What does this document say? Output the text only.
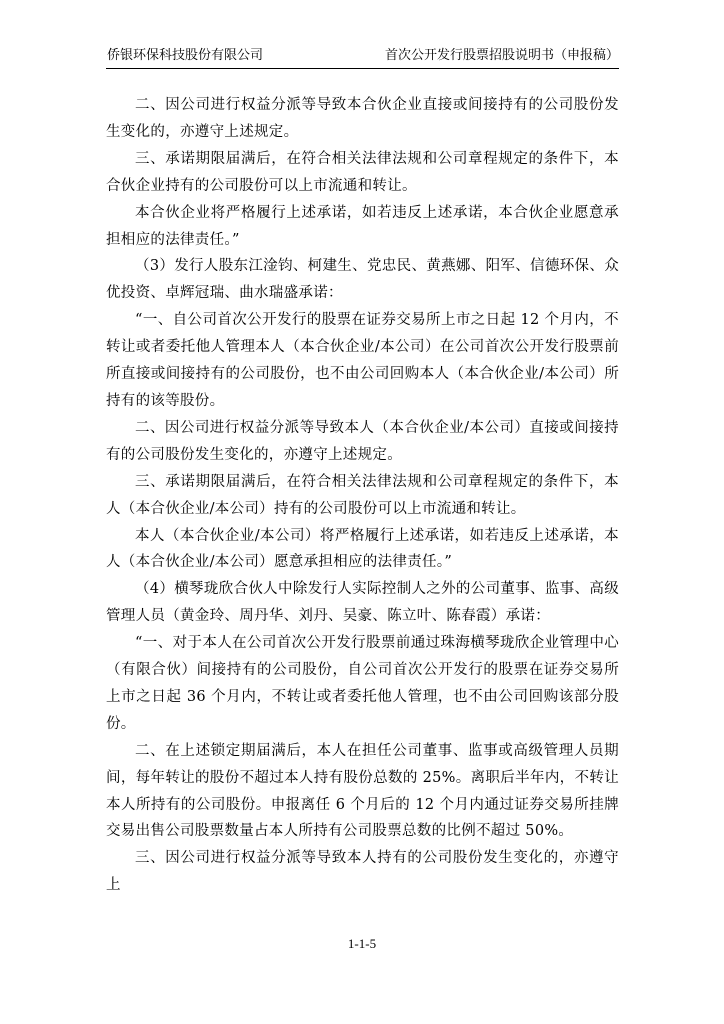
侨银环保科技股份有限公司	首次公开发行股票招股说明书（申报稿）

二、因公司进行权益分派等导致本合伙企业直接或间接持有的公司股份发生变化的，亦遵守上述规定。

三、承诺期限届满后，在符合相关法律法规和公司章程规定的条件下，本合伙企业持有的公司股份可以上市流通和转让。

本合伙企业将严格履行上述承诺，如若违反上述承诺，本合伙企业愿意承担相应的法律责任。”

（3）发行人股东江淦钧、柯建生、党忠民、黄燕娜、阳军、信德环保、众优投资、卓辉冠瑞、曲水瑞盛承诺：

“一、自公司首次公开发行的股票在证券交易所上市之日起 12 个月内，不转让或者委托他人管理本人（本合伙企业/本公司）在公司首次公开发行股票前所直接或间接持有的公司股份，也不由公司回购本人（本合伙企业/本公司）所持有的该等股份。

二、因公司进行权益分派等导致本人（本合伙企业/本公司）直接或间接持有的公司股份发生变化的，亦遵守上述规定。

三、承诺期限届满后，在符合相关法律法规和公司章程规定的条件下，本人（本合伙企业/本公司）持有的公司股份可以上市流通和转让。

本人（本合伙企业/本公司）将严格履行上述承诺，如若违反上述承诺，本人（本合伙企业/本公司）愿意承担相应的法律责任。”

（4）横琴珑欣合伙人中除发行人实际控制人之外的公司董事、监事、高级管理人员（黄金玲、周丹华、刘丹、吴豪、陈立叶、陈春霞）承诺：

“一、对于本人在公司首次公开发行股票前通过珠海横琴珑欣企业管理中心（有限合伙）间接持有的公司股份，自公司首次公开发行的股票在证券交易所上市之日起 36 个月内，不转让或者委托他人管理，也不由公司回购该部分股份。

二、在上述锁定期届满后，本人在担任公司董事、监事或高级管理人员期间，每年转让的股份不超过本人持有股份总数的 25%。离职后半年内，不转让本人所持有的公司股份。申报离任 6 个月后的 12 个月内通过证券交易所挂牌交易出售公司股票数量占本人所持有公司股票总数的比例不超过 50%。

三、因公司进行权益分派等导致本人持有的公司股份发生变化的，亦遵守上

1-1-5
